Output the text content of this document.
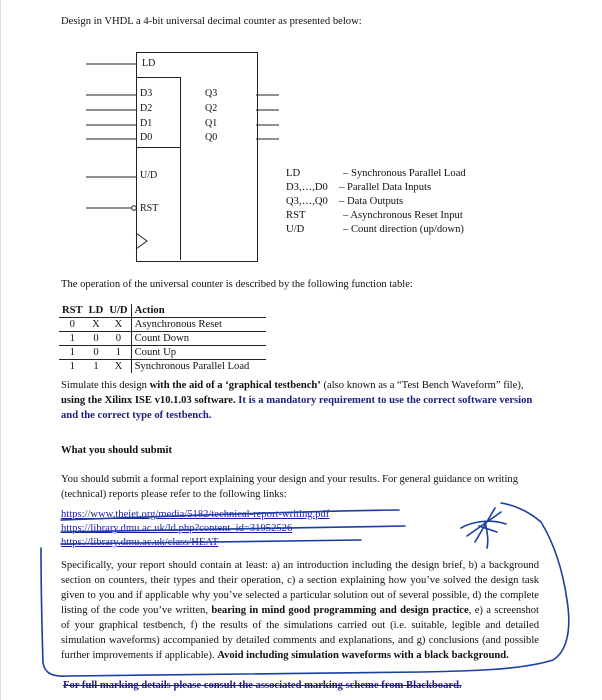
Design in VHDL a 4-bit universal decimal counter as presented below:
LD
D3
D2
D1
D0
Q3
Q2
Q1
Q0
U/D
RST
LD	– Synchronous Parallel Load
D3,…,D0 – Parallel Data Inputs
Q3,…,Q0 – Data Outputs
RST	– Asynchronous Reset Input
U/D	– Count direction (up/down)
The operation of the universal counter is described by the following function table:
RST	LD	U/D	Action
0	X	X	Asynchronous Reset
1	0	0	Count Down
1	0	1	Count Up
1	1	X	Synchronous Parallel Load
Simulate this design with the aid of a ‘graphical testbench’ (also known as a “Test Bench Waveform” file), using the Xilinx ISE v10.1.03 software. It is a mandatory requirement to use the correct software version and the correct type of testbench.
What you should submit
You should submit a formal report explaining your design and your results. For general guidance on writing (technical) reports please refer to the following links:
https://www.theiet.org/media/5182/technical-report-writing.pdf
https://library.dmu.ac.uk/ld.php?content_id=31952526
https://library.dmu.ac.uk/class/HEAT
Specifically, your report should contain at least: a) an introduction including the design brief, b) a background section on counters, their types and their operation, c) a section explaining how you’ve solved the design task given to you and if applicable why you’ve selected a particular solution out of several possible, d) the complete listing of the code you’ve written, bearing in mind good programming and design practice, e) a screenshot of your graphical testbench, f) the results of the simulations carried out (i.e. suitable, legible and detailed simulation waveforms) accompanied by detailed comments and explanations, and g) conclusions (and possible further improvements if applicable). Avoid including simulation waveforms with a black background.
For full marking details please consult the associated marking scheme from Blackboard.
